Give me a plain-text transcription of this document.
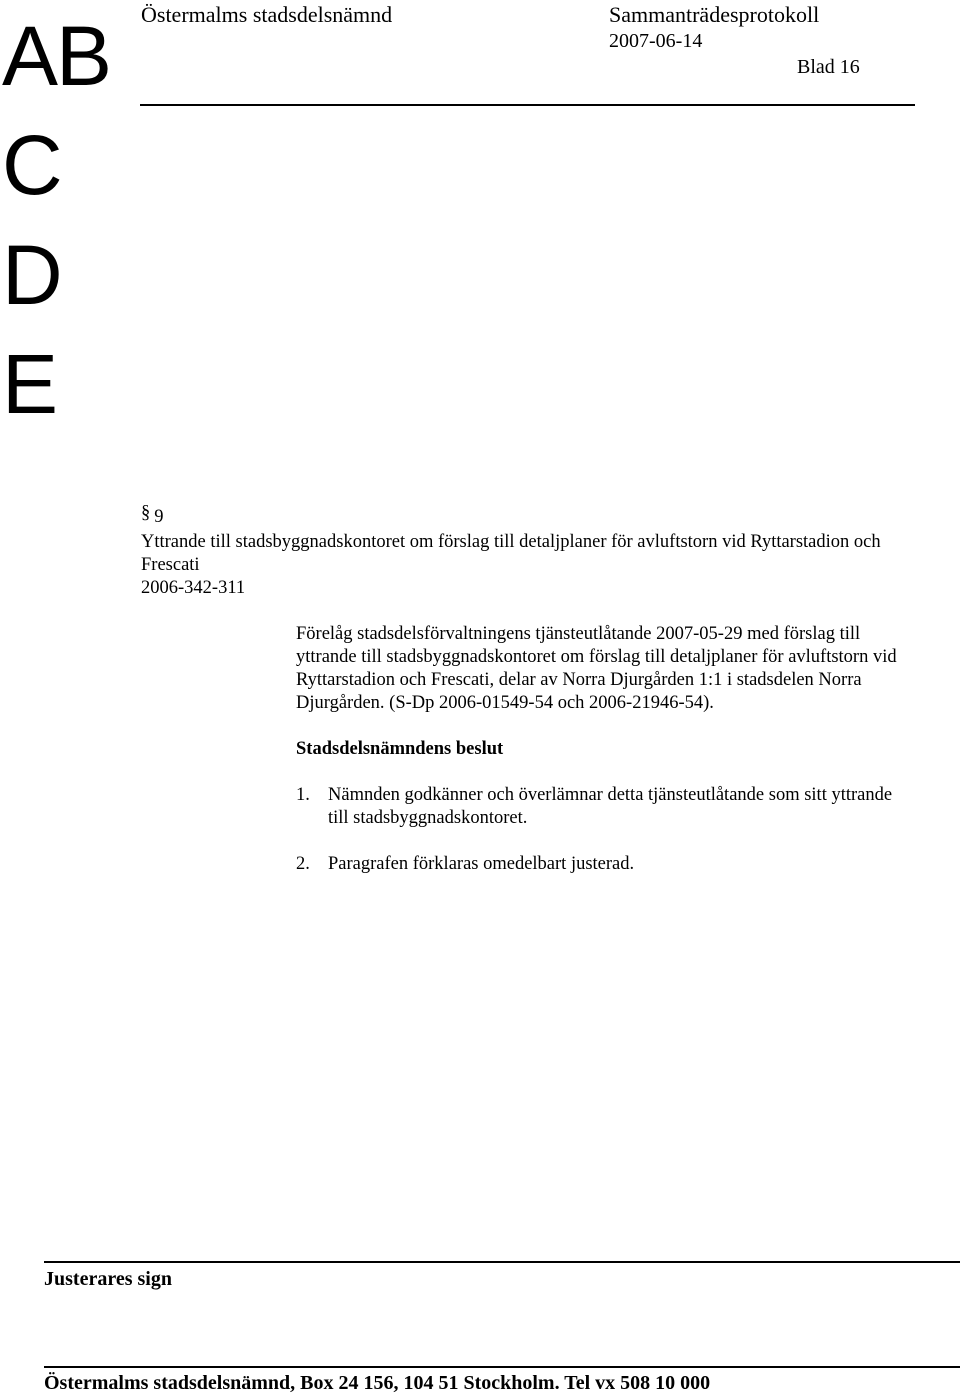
AB
C
D
E
Östermalms stadsdelsnämnd	Sammanträdesprotokoll
2007-06-14
Blad 16
§ 9
Yttrande till stadsbyggnadskontoret om förslag till detaljplaner för avluftstorn vid Ryttarstadion och Frescati
2006-342-311
Förelåg stadsdelsförvaltningens tjänsteutlåtande 2007-05-29 med förslag till yttrande till stadsbyggnadskontoret om förslag till detaljplaner för avluftstorn vid Ryttarstadion och Frescati, delar av Norra Djurgården 1:1 i stadsdelen Norra Djurgården. (S-Dp 2006-01549-54 och 2006-21946-54).
Stadsdelsnämndens beslut
1. Nämnden godkänner och överlämnar detta tjänsteutlåtande som sitt yttrande till stadsbyggnadskontoret.
2. Paragrafen förklaras omedelbart justerad.
Justerares sign
Östermalms stadsdelsnämnd, Box 24 156, 104 51 Stockholm. Tel vx 508 10 000
